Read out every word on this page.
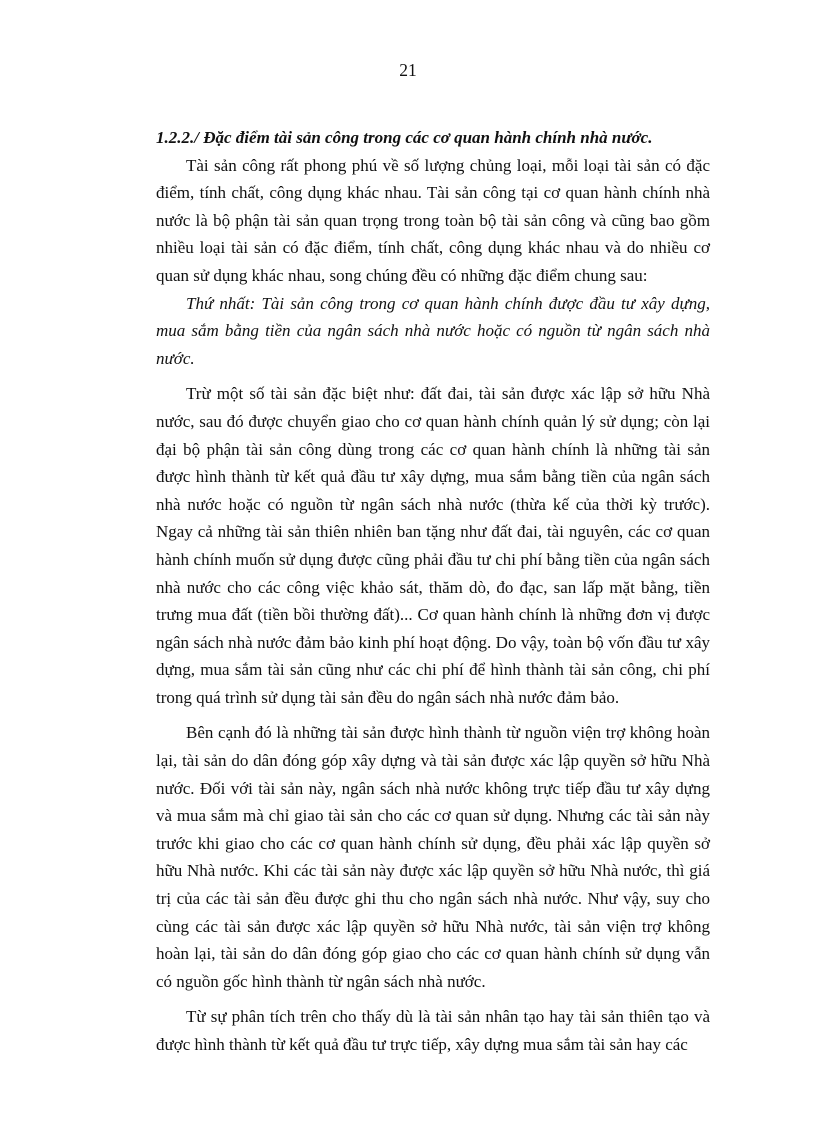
21

1.2.2./ Đặc điểm tài sản công trong các cơ quan hành chính nhà nước.

Tài sản công rất phong phú về số lượng chủng loại, mỗi loại tài sản có đặc điểm, tính chất, công dụng khác nhau. Tài sản công tại cơ quan hành chính nhà nước là bộ phận tài sản quan trọng trong toàn bộ tài sản công và cũng bao gồm nhiều loại tài sản có đặc điểm, tính chất, công dụng khác nhau và do nhiều cơ quan sử dụng khác nhau, song chúng đều có những đặc điểm chung sau:

Thứ nhất: Tài sản công trong cơ quan hành chính được đầu tư xây dựng, mua sắm bằng tiền của ngân sách nhà nước hoặc có nguồn từ ngân sách nhà nước.

Trừ một số tài sản đặc biệt như: đất đai, tài sản được xác lập sở hữu Nhà nước, sau đó được chuyển giao cho cơ quan hành chính quản lý sử dụng; còn lại đại bộ phận tài sản công dùng trong các cơ quan hành chính là những tài sản được hình thành từ kết quả đầu tư xây dựng, mua sắm bằng tiền của ngân sách nhà nước hoặc có nguồn từ ngân sách nhà nước (thừa kế của thời kỳ trước). Ngay cả những tài sản thiên nhiên ban tặng như đất đai, tài nguyên, các cơ quan hành chính muốn sử dụng được cũng phải đầu tư chi phí bằng tiền của ngân sách nhà nước cho các công việc khảo sát, thăm dò, đo đạc, san lấp mặt bằng, tiền trưng mua đất (tiền bồi thường đất)... Cơ quan hành chính là những đơn vị được ngân sách nhà nước đảm bảo kinh phí hoạt động. Do vậy, toàn bộ vốn đầu tư xây dựng, mua sắm tài sản cũng như các chi phí để hình thành tài sản công, chi phí trong quá trình sử dụng tài sản đều do ngân sách nhà nước đảm bảo.

Bên cạnh đó là những tài sản được hình thành từ nguồn viện trợ không hoàn lại, tài sản do dân đóng góp xây dựng và tài sản được xác lập quyền sở hữu Nhà nước. Đối với tài sản này, ngân sách nhà nước không trực tiếp đầu tư xây dựng và mua sắm mà chỉ giao tài sản cho các cơ quan sử dụng. Nhưng các tài sản này trước khi giao cho các cơ quan hành chính sử dụng, đều phải xác lập quyền sở hữu Nhà nước. Khi các tài sản này được xác lập quyền sở hữu Nhà nước, thì giá trị của các tài sản đều được ghi thu cho ngân sách nhà nước. Như vậy, suy cho cùng các tài sản được xác lập quyền sở hữu Nhà nước, tài sản viện trợ không hoàn lại, tài sản do dân đóng góp giao cho các cơ quan hành chính sử dụng vẫn có nguồn gốc hình thành từ ngân sách nhà nước.

Từ sự phân tích trên cho thấy dù là tài sản nhân tạo hay tài sản thiên tạo và được hình thành từ kết quả đầu tư trực tiếp, xây dựng mua sắm tài sản hay các
